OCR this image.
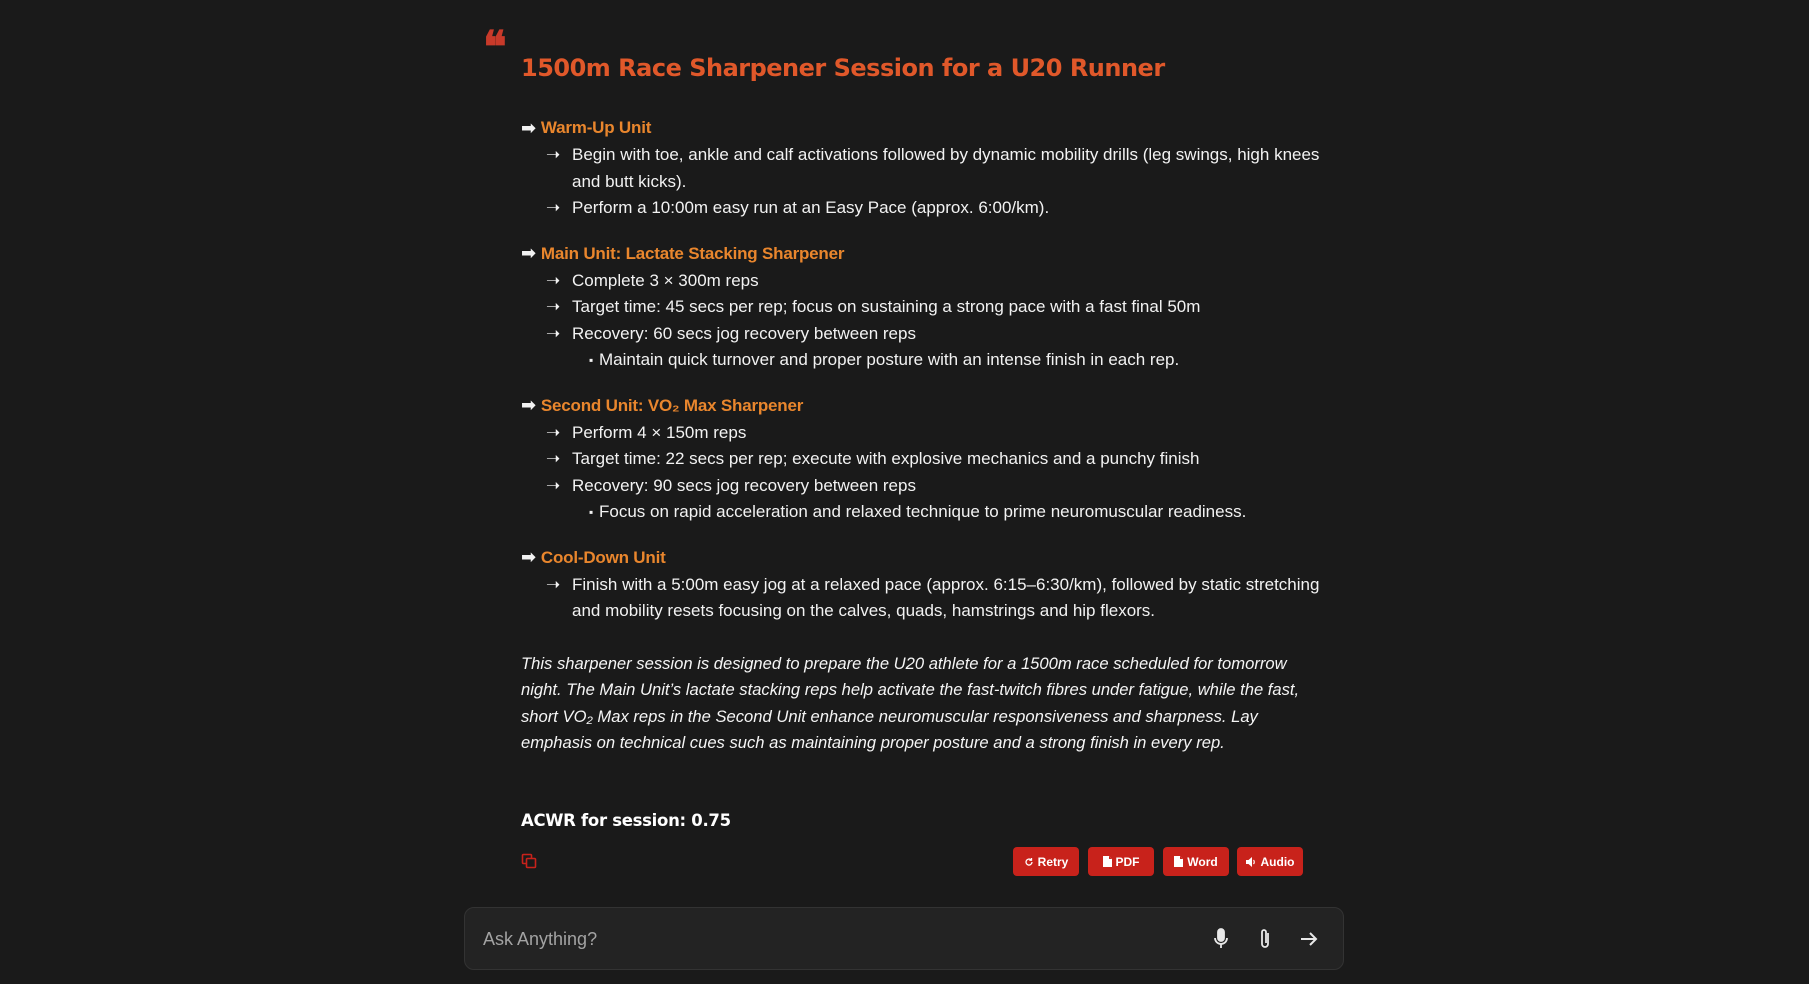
❝ 1500m Race Sharpener Session for a U20 Runner
➡ Warm-Up Unit
➝ Begin with toe, ankle and calf activations followed by dynamic mobility drills (leg swings, high knees and butt kicks).
➝ Perform a 10:00m easy run at an Easy Pace (approx. 6:00/km).
➡ Main Unit: Lactate Stacking Sharpener
➝ Complete 3 × 300m reps
➝ Target time: 45 secs per rep; focus on sustaining a strong pace with a fast final 50m
➝ Recovery: 60 secs jog recovery between reps
▪ Maintain quick turnover and proper posture with an intense finish in each rep.
➡ Second Unit: VO₂ Max Sharpener
➝ Perform 4 × 150m reps
➝ Target time: 22 secs per rep; execute with explosive mechanics and a punchy finish
➝ Recovery: 90 secs jog recovery between reps
▪ Focus on rapid acceleration and relaxed technique to prime neuromuscular readiness.
➡ Cool-Down Unit
➝ Finish with a 5:00m easy jog at a relaxed pace (approx. 6:15–6:30/km), followed by static stretching and mobility resets focusing on the calves, quads, hamstrings and hip flexors.

This sharpener session is designed to prepare the U20 athlete for a 1500m race scheduled for tomorrow night. The Main Unit’s lactate stacking reps help activate the fast-twitch fibres under fatigue, while the fast, short VO₂ Max reps in the Second Unit enhance neuromuscular responsiveness and sharpness. Lay emphasis on technical cues such as maintaining proper posture and a strong finish in every rep.

ACWR for session: 0.75
Retry	PDF	Word	Audio
Ask Anything?
